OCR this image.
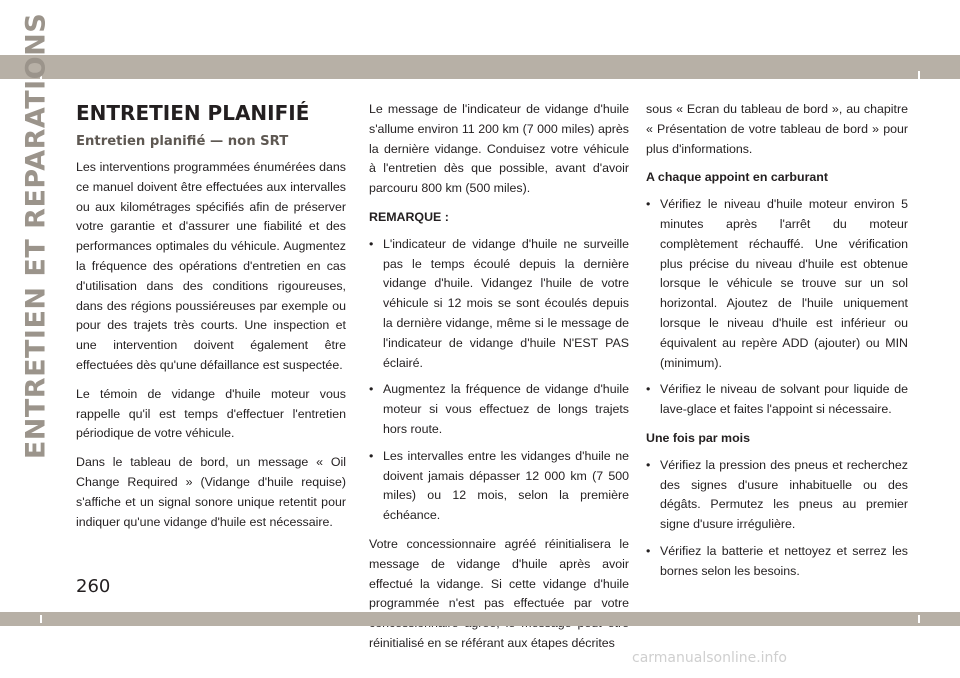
ENTRETIEN ET REPARATIONS ENTRETIEN PLANIFIÉ
Entretien planifié — non SRT

Les interventions programmées énumérées dans ce manuel doivent être effectuées aux intervalles ou aux kilométrages spécifiés afin de préserver votre garantie et d'assurer une fiabilité et des performances optimales du véhicule. Augmentez la fréquence des opérations d'entretien en cas d'utilisation dans des conditions rigoureuses, dans des régions poussiéreuses par exemple ou pour des trajets très courts. Une inspection et une intervention doivent également être effectuées dès qu'une défaillance est suspectée.

Le témoin de vidange d'huile moteur vous rappelle qu'il est temps d'effectuer l'entretien périodique de votre véhicule.

Dans le tableau de bord, un message « Oil Change Required » (Vidange d'huile requise) s'affiche et un signal sonore unique retentit pour indiquer qu'une vidange d'huile est nécessaire.

Le message de l'indicateur de vidange d'huile s'allume environ 11 200 km (7 000 miles) après la dernière vidange. Conduisez votre véhicule à l'entretien dès que possible, avant d'avoir parcouru 800 km (500 miles).

REMARQUE :

• L'indicateur de vidange d'huile ne surveille pas le temps écoulé depuis la dernière vidange d'huile. Vidangez l'huile de votre véhicule si 12 mois se sont écoulés depuis la dernière vidange, même si le message de l'indicateur de vidange d'huile N'EST PAS éclairé.
• Augmentez la fréquence de vidange d'huile moteur si vous effectuez de longs trajets hors route.
• Les intervalles entre les vidanges d'huile ne doivent jamais dépasser 12 000 km (7 500 miles) ou 12 mois, selon la première échéance.

Votre concessionnaire agréé réinitialisera le message de vidange d'huile après avoir effectué la vidange. Si cette vidange d'huile programmée n'est pas effectuée par votre réinitialisé en se référant aux étapes décrites

sous « Ecran du tableau de bord », au chapitre « Présentation de votre tableau de bord » pour plus d'informations.

A chaque appoint en carburant

• Vérifiez le niveau d'huile moteur environ 5 minutes après l'arrêt du moteur complètement réchauffé. Une vérification plus précise du niveau d'huile est obtenue lorsque le véhicule se trouve sur un sol horizontal. Ajoutez de l'huile uniquement lorsque le niveau d'huile est inférieur ou équivalent au repère ADD (ajouter) ou MIN (minimum).
• Vérifiez le niveau de solvant pour liquide de lave-glace et faites l'appoint si nécessaire.

Une fois par mois

• Vérifiez la pression des pneus et recherchez des signes d'usure inhabituelle ou des dégâts. Permutez les pneus au premier signe d'usure irrégulière.
• Vérifiez la batterie et nettoyez et serrez les bornes selon les besoins.
260
carmanualsonline.info
